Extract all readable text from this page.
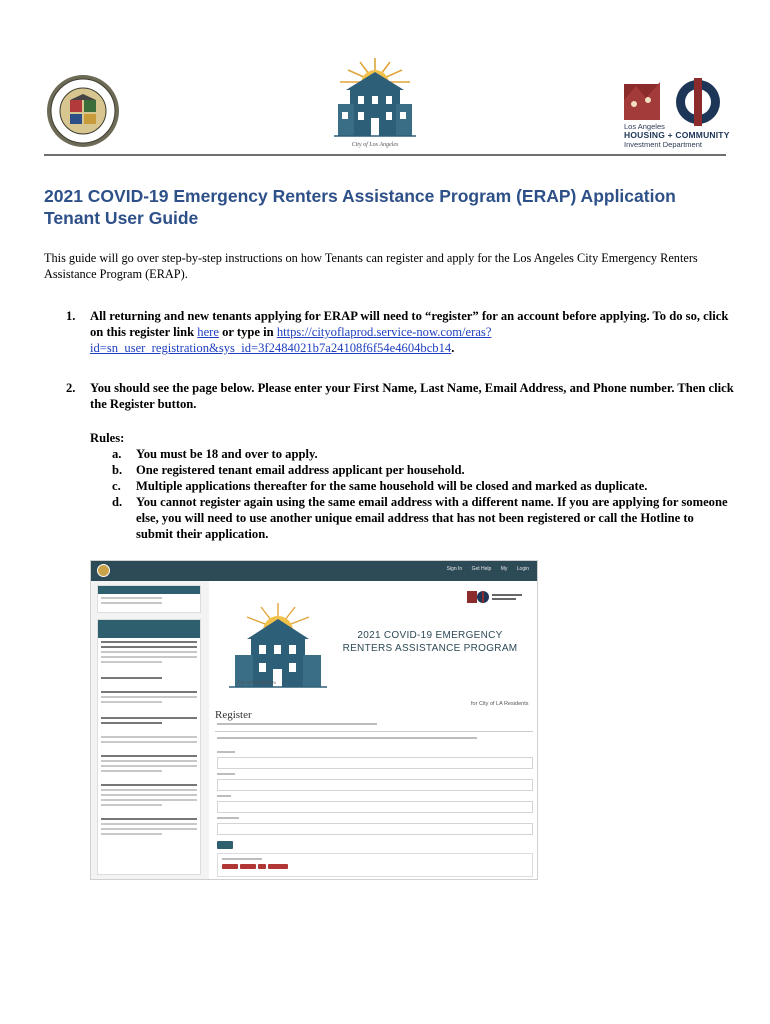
City of Los Angeles
Los Angeles
HOUSING + COMMUNITY
Investment Department
2021 COVID-19 Emergency Renters Assistance Program (ERAP) Application
Tenant User Guide
This guide will go over step-by-step instructions on how Tenants can register and apply for the Los Angeles City Emergency Renters Assistance Program (ERAP).
1. All returning and new tenants applying for ERAP will need to “register” for an account before applying. To do so, click on this register link here or type in https://cityoflaprod.service-now.com/eras?id=sn_user_registration&sys_id=3f2484021b7a24108f6f54e4604bcb14.
2. You should see the page below. Please enter your First Name, Last Name, Email Address, and Phone number. Then click the Register button.
Rules:
a. You must be 18 and over to apply.
b. One registered tenant email address applicant per household.
c. Multiple applications thereafter for the same household will be closed and marked as duplicate.
d. You cannot register again using the same email address with a different name. If you are applying for someone else, you will need to use another unique email address that has not been registered or call the Hotline to submit their application.
Sign In Get Help My Login
2021 COVID-19 EMERGENCY
RENTERS ASSISTANCE PROGRAM
City of Los Angeles
for City of LA Residents
Register
